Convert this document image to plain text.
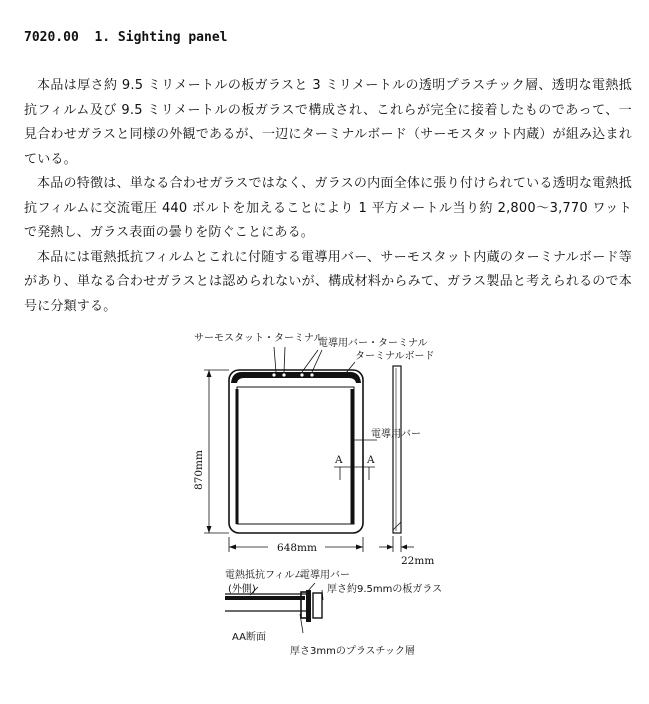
7020.00  1. Sighting panel

本品は厚さ約 9.5 ミリメートルの板ガラスと 3 ミリメートルの透明プラスチック層、透明な電熱抵抗フィルム及び 9.5 ミリメートルの板ガラスで構成され、これらが完全に接着したものであって、一見合わせガラスと同様の外観であるが、一辺にターミナルボード（サーモスタット内蔵）が組み込まれている。

本品の特徴は、単なる合わせガラスではなく、ガラスの内面全体に張り付けられている透明な電熱抵抗フィルムに交流電圧 440 ボルトを加えることにより 1 平方メートル当り約 2,800～3,770 ワットで発熱し、ガラス表面の曇りを防ぐことにある。

本品には電熱抵抗フィルムとこれに付随する電導用バー、サーモスタット内蔵のターミナルボード等があり、単なる合わせガラスとは認められないが、構成材料からみて、ガラス製品と考えられるので本号に分類する。

サーモスタット・ターミナル
電導用バー・ターミナル
ターミナルボード
電導用バー
A A
870mm
648mm
22mm
電熱抵抗フィルム
(外側)
電導用バー
厚さ約9.5mmの板ガラス
AA断面
厚さ3mmのプラスチック層
